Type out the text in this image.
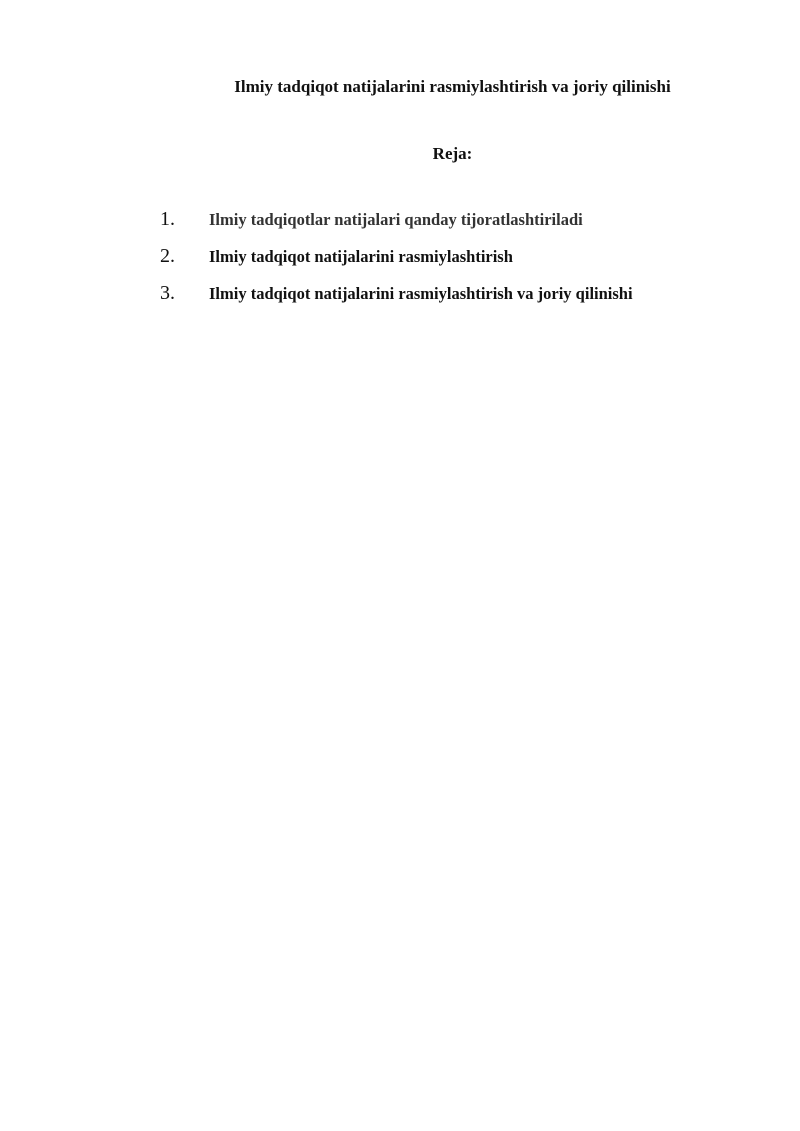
Ilmiy tadqiqot natijalarini rasmiylashtirish va joriy qilinishi
Reja:
1.	Ilmiy tadqiqotlar natijalari qanday tijoratlashtiriladi
2.	Ilmiy tadqiqot natijalarini rasmiylashtirish
3.	Ilmiy tadqiqot natijalarini rasmiylashtirish va joriy qilinishi
